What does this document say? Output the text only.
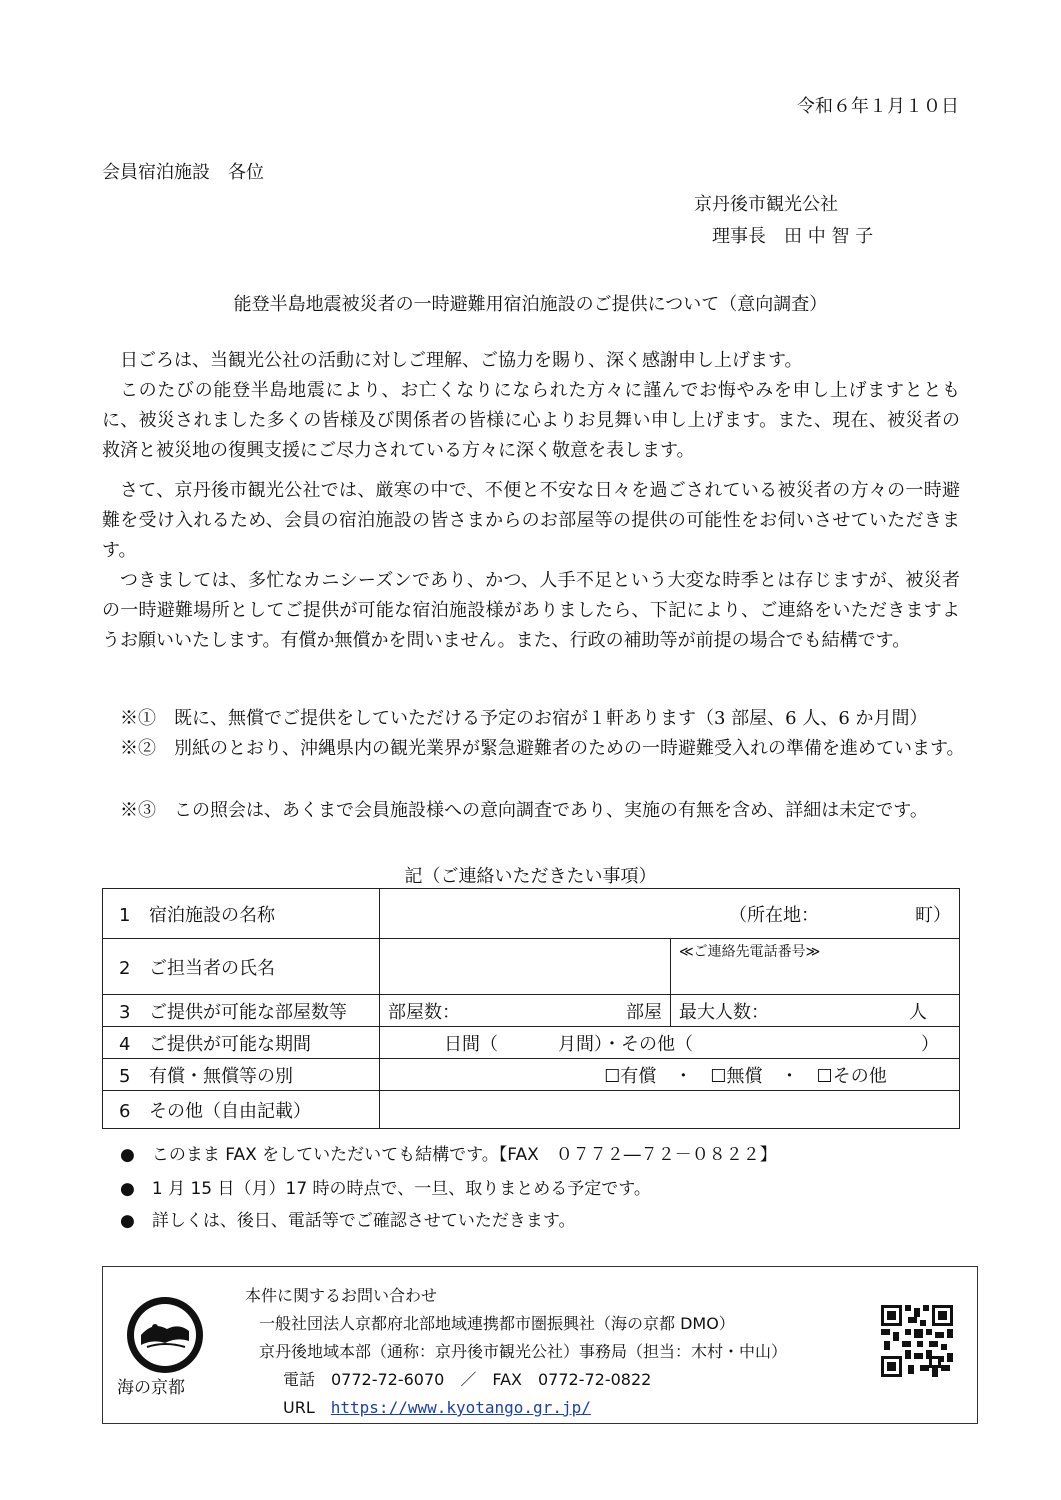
令和６年１月１０日
会員宿泊施設　各位
京丹後市観光公社
理事長　田 中 智 子
能登半島地震被災者の一時避難用宿泊施設のご提供について（意向調査）
日ごろは、当観光公社の活動に対しご理解、ご協力を賜り、深く感謝申し上げます。
このたびの能登半島地震により、お亡くなりになられた方々に謹んでお悔やみを申し上げますとともに、被災されました多くの皆様及び関係者の皆様に心よりお見舞い申し上げます。また、現在、被災者の救済と被災地の復興支援にご尽力されている方々に深く敬意を表します。
さて、京丹後市観光公社では、厳寒の中で、不便と不安な日々を過ごされている被災者の方々の一時避難を受け入れるため、会員の宿泊施設の皆さまからのお部屋等の提供の可能性をお伺いさせていただきます。
つきましては、多忙なカニシーズンであり、かつ、人手不足という大変な時季とは存じますが、被災者の一時避難場所としてご提供が可能な宿泊施設様がありましたら、下記により、ご連絡をいただきますようお願いいたします。有償か無償かを問いません。また、行政の補助等が前提の場合でも結構です。
※①　 既に、無償でご提供をしていただける予定のお宿が１軒あります（3 部屋、6 人、6 か月間）
※②　 別紙のとおり、沖縄県内の観光業界が緊急避難者のための一時避難受入れの準備を進めています。
※③　 この照会は、あくまで会員施設様への意向調査であり、実施の有無を含め、詳細は未定です。
記（ご連絡いただきたい事項）
1 宿泊施設の名称	（所在地： 町）	

2 ご担当者の氏名		≪ご連絡先電話番号≫
3 ご提供が可能な部屋数等	部屋数： 部屋	最大人数： 人

4 ご提供が可能な期間	日間（ 月間）・その他（ ）	

5 有償・無償等の別	☐有償　・　☐無償　・　☐その他	
6 その他（自由記載）		
●　 このまま FAX をしていただいても結構です。【FAX　０７７２―７２－０８２２】
●　 1 月 15 日（月）17 時の時点で、一旦、取りまとめる予定です。
●　 詳しくは、後日、電話等でご確認させていただきます。
海の京都
本件に関するお問い合わせ
一般社団法人京都府北部地域連携都市圏振興社（海の京都 DMO）
京丹後地域本部（通称：京丹後市観光公社）事務局（担当：木村・中山）
電話　0772-72-6070　／　FAX　0772-72-0822
URL　 https://www.kyotango.gr.jp/
